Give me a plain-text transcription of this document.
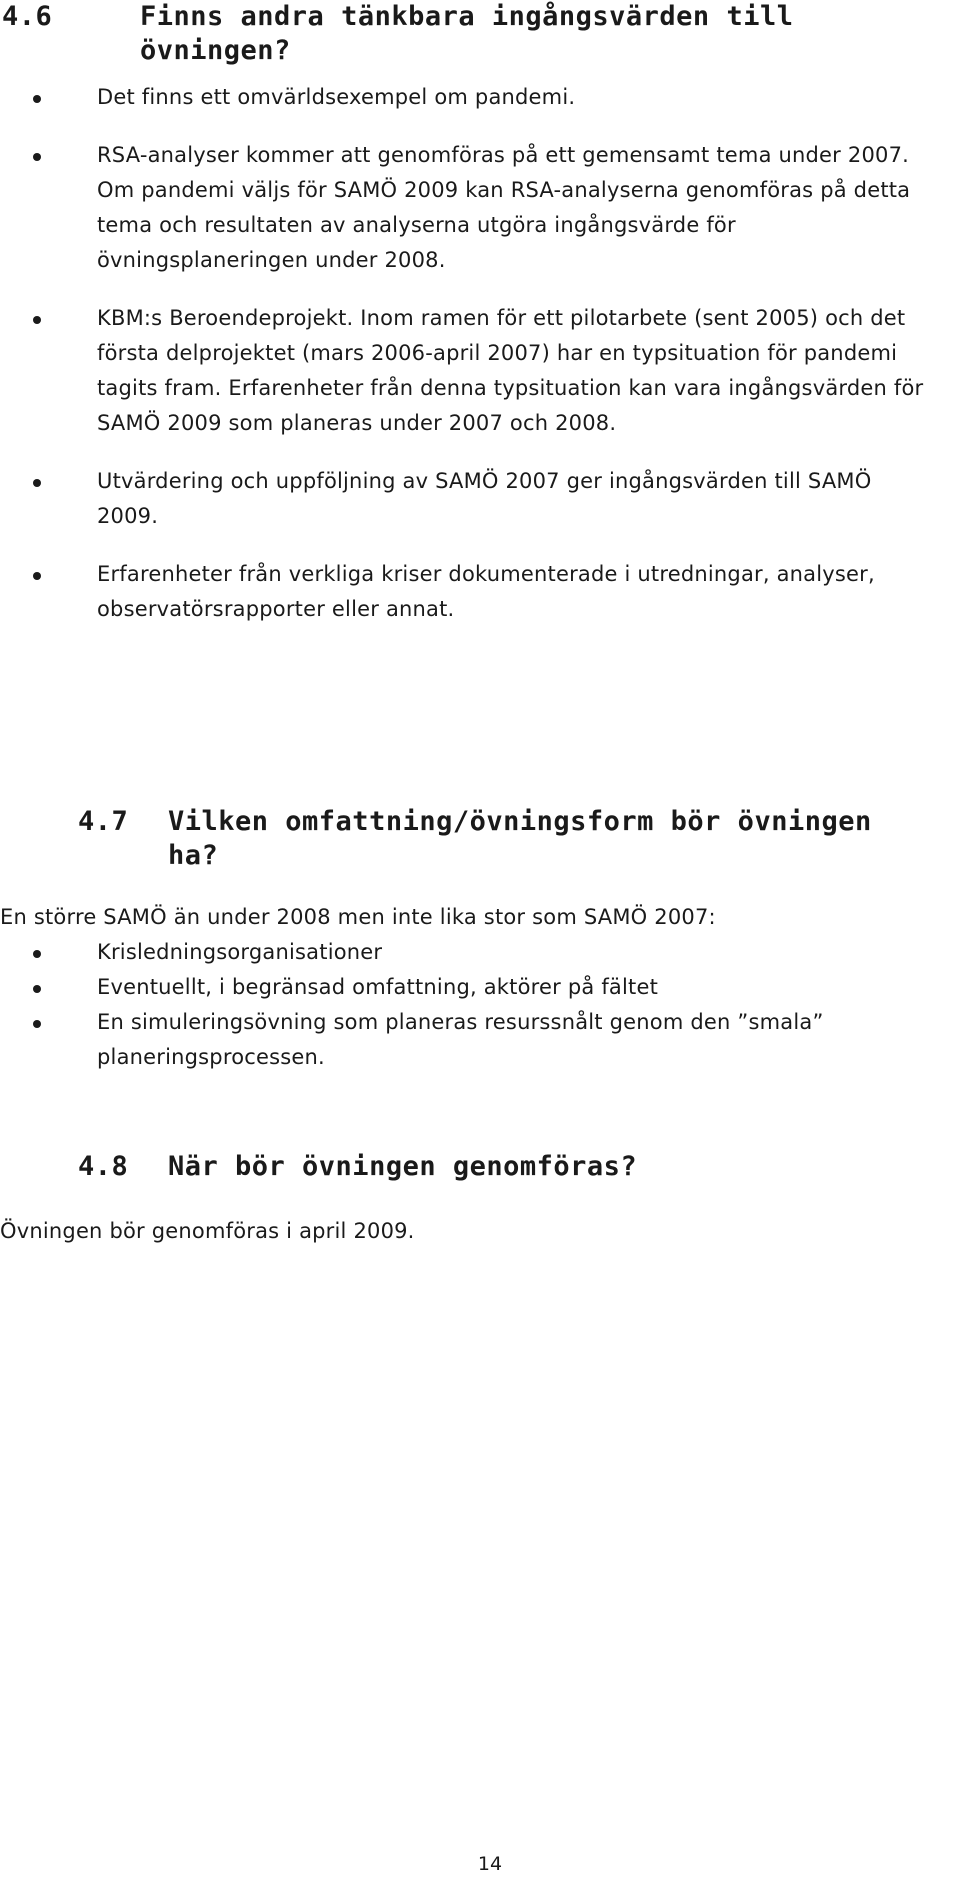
4.6	Finns andra tänkbara ingångsvärden till övningen?
Det finns ett omvärldsexempel om pandemi.
RSA-analyser kommer att genomföras på ett gemensamt tema under 2007. Om pandemi väljs för SAMÖ 2009 kan RSA-analyserna genomföras på detta tema och resultaten av analyserna utgöra ingångsvärde för övningsplaneringen under 2008.
KBM:s Beroendeprojekt. Inom ramen för ett pilotarbete (sent 2005) och det första delprojektet (mars 2006-april 2007) har en typsituation för pandemi tagits fram. Erfarenheter från denna typsituation kan vara ingångsvärden för SAMÖ 2009 som planeras under 2007 och 2008.
Utvärdering och uppföljning av SAMÖ 2007 ger ingångsvärden till SAMÖ 2009.
Erfarenheter från verkliga kriser dokumenterade i utredningar, analyser, observatörsrapporter eller annat.
4.7 Vilken omfattning/övningsform bör övningen ha?

En större SAMÖ än under 2008 men inte lika stor som SAMÖ 2007:

Krisledningsorganisationer
Eventuellt, i begränsad omfattning, aktörer på fältet
En simuleringsövning som planeras resurssnålt genom den ”smala” planeringsprocessen.
4.8 När bör övningen genomföras?

Övningen bör genomföras i april 2009.

14
